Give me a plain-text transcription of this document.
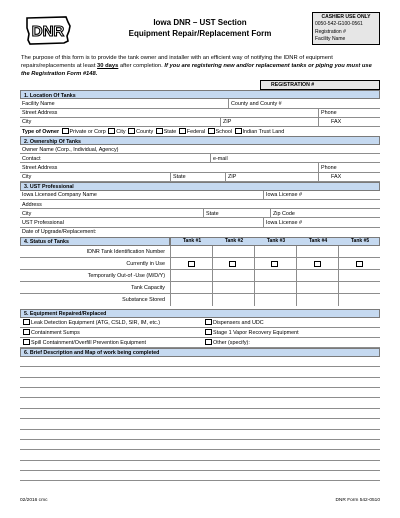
DNR
Iowa DNR – UST Section
Equipment Repair/Replacement Form
CASHIER USE ONLY
0050-542-G100-0561
Registration #
Facility Name
The purpose of this form is to provide the tank owner and installer with an efficient way of notifying the IDNR of equipment repairs/replacements at least 30 days after completion. If you are registering new and/or replacement tanks or piping you must use the Registration Form #148.
REGISTRATION #
1. Location Of Tanks
Facility Name	County and County #
Street Address	Phone
City	ZIP	FAX
Type of Owner Private or Corp City County State Federal School Indian Trust Land
2. Ownership Of Tanks
Owner Name (Corp., Individual, Agency)
Contact	e-mail
Street Address	Phone
City	State	ZIP	FAX
3. UST Professional
Iowa Licensed Company Name	Iowa License #
Address
City	State	Zip Code
UST Professional	Iowa License #
Date of Upgrade/Replacement:
4. Status of Tanks	Tank #1	Tank #2	Tank #3	Tank #4	Tank #5
IDNR Tank Identification Number
Currently in Use
Temporarily Out-of -Use (M/D/Y)
Tank Capacity
Substance Stored
5. Equipment Repaired/Replaced
Leak Detection Equipment (ATG, CSLD, SIR, IM, etc.)	Dispensers and UDC
Containment Sumps	Stage 1 Vapor Recovery Equipment
Spill Containment/Overfill Prevention Equipment	Other (specify):
6. Brief Description and Map of work being completed
02/2016 cmc	DNR Form 542-0510
